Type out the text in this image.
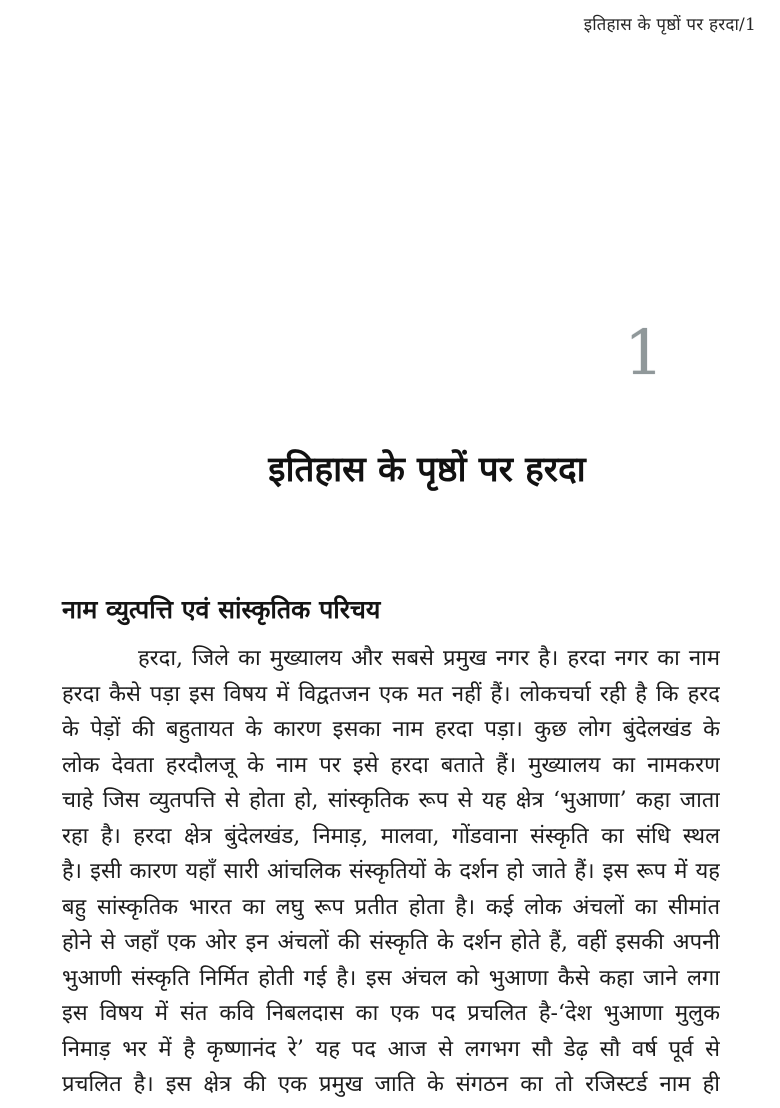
इतिहास के पृष्ठों पर हरदा/1
1
इतिहास के पृष्ठों पर हरदा
नाम व्युत्पत्ति एवं सांस्कृतिक परिचय
हरदा, जिले का मुख्यालय और सबसे प्रमुख नगर है। हरदा नगर का नाम
हरदा कैसे पड़ा इस विषय में विद्वतजन एक मत नहीं हैं। लोकचर्चा रही है कि हरद
के पेड़ों की बहुतायत के कारण इसका नाम हरदा पड़ा। कुछ लोग बुंदेलखंड के
लोक देवता हरदौलजू के नाम पर इसे हरदा बताते हैं। मुख्यालय का नामकरण
चाहे जिस व्युतपत्ति से होता हो, सांस्कृतिक रूप से यह क्षेत्र ‘भुआणा’ कहा जाता
रहा है। हरदा क्षेत्र बुंदेलखंड, निमाड़, मालवा, गोंडवाना संस्कृति का संधि स्थल
है। इसी कारण यहाँ सारी आंचलिक संस्कृतियों के दर्शन हो जाते हैं। इस रूप में यह
बहु सांस्कृतिक भारत का लघु रूप प्रतीत होता है। कई लोक अंचलों का सीमांत
होने से जहाँ एक ओर इन अंचलों की संस्कृति के दर्शन होते हैं, वहीं इसकी अपनी
भुआणी संस्कृति निर्मित होती गई है। इस अंचल को भुआणा कैसे कहा जाने लगा
इस विषय में संत कवि निबलदास का एक पद प्रचलित है-‘देश भुआणा मुलुक
निमाड़ भर में है कृष्णानंद रे’ यह पद आज से लगभग सौ डेढ़ सौ वर्ष पूर्व से
प्रचलित है। इस क्षेत्र की एक प्रमुख जाति के संगठन का तो रजिस्टर्ड नाम ही
